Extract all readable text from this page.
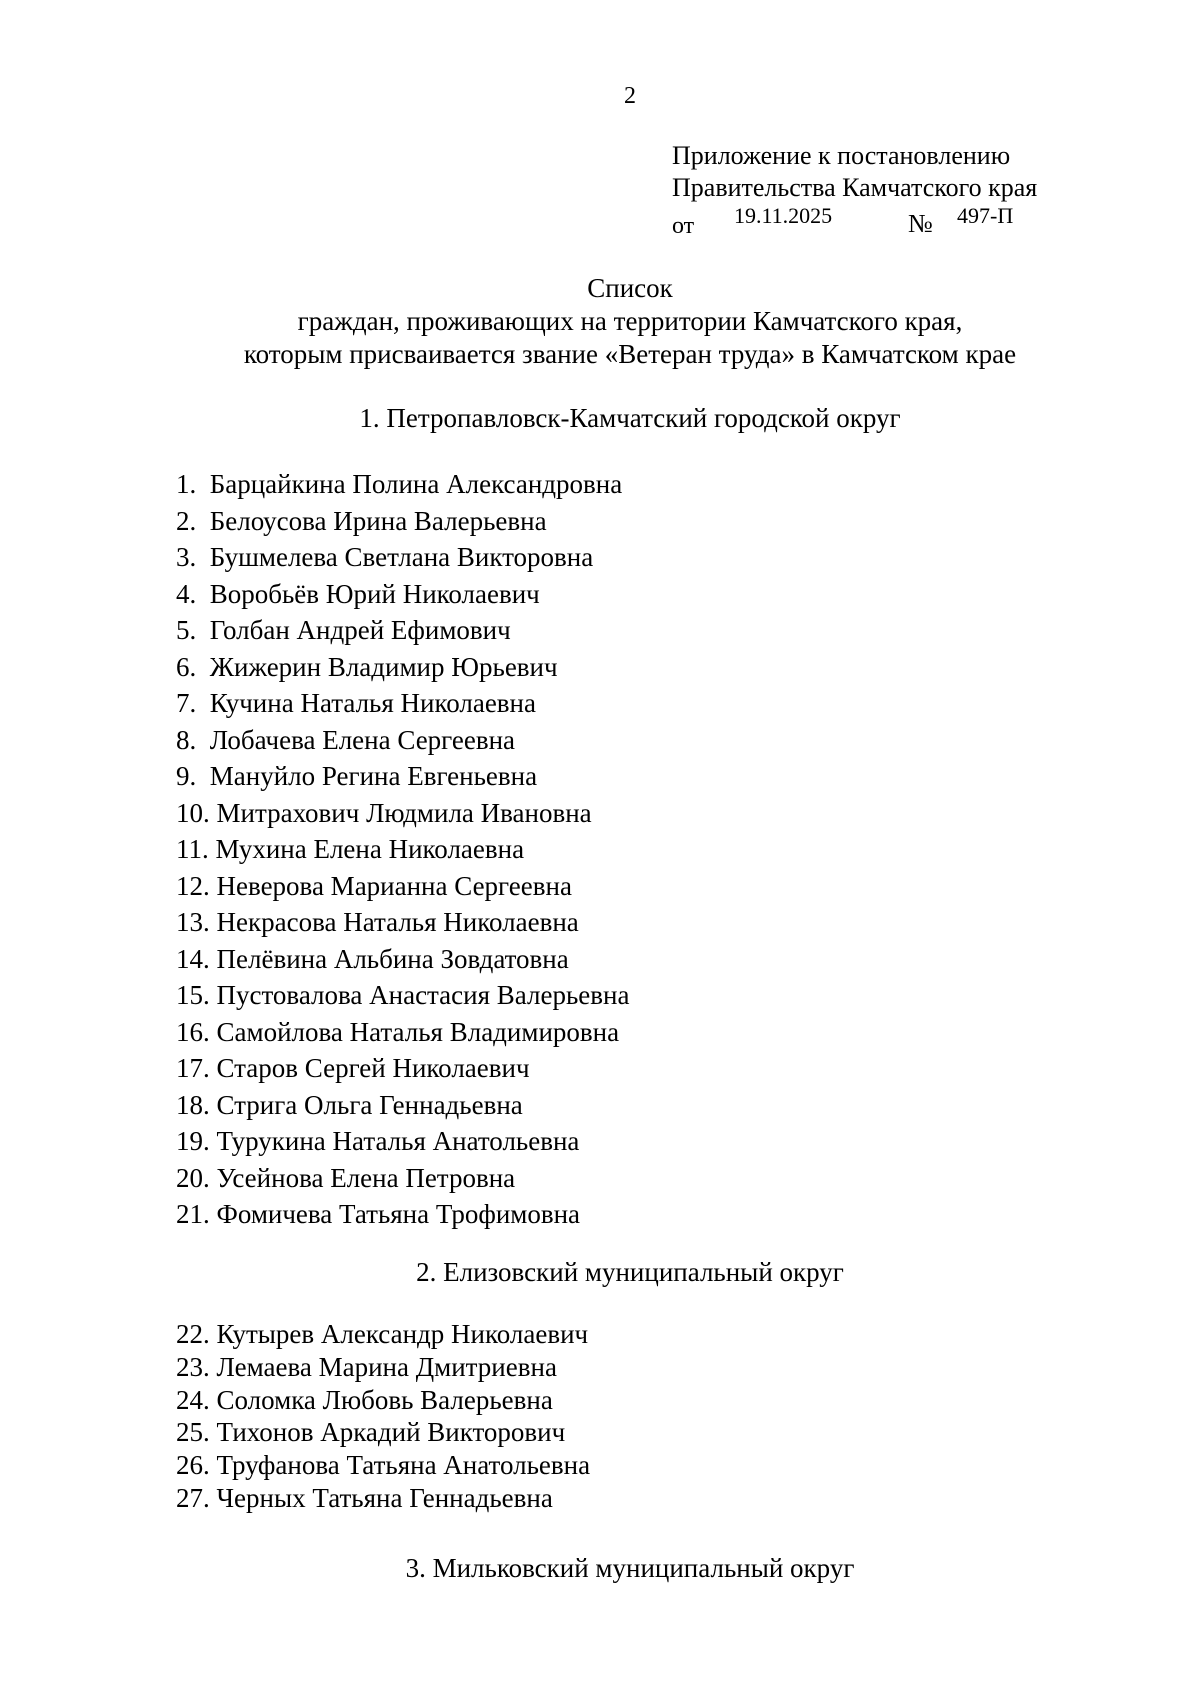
2
Приложение к постановлению
Правительства Камчатского края
от 19.11.2025	№ 497-П
Список
граждан, проживающих на территории Камчатского края,
которым присваивается звание «Ветеран труда» в Камчатском крае
1. Петропавловск-Камчатский городской округ
1. Барцайкина Полина Александровна
2. Белоусова Ирина Валерьевна
3. Бушмелева Светлана Викторовна
4. Воробьёв Юрий Николаевич
5. Голбан Андрей Ефимович
6. Жижерин Владимир Юрьевич
7. Кучина Наталья Николаевна
8. Лобачева Елена Сергеевна
9. Мануйло Регина Евгеньевна
10. Митрахович Людмила Ивановна
11. Мухина Елена Николаевна
12. Неверова Марианна Сергеевна
13. Некрасова Наталья Николаевна
14. Пелёвина Альбина Зовдатовна
15. Пустовалова Анастасия Валерьевна
16. Самойлова Наталья Владимировна
17. Старов Сергей Николаевич
18. Стрига Ольга Геннадьевна
19. Турукина Наталья Анатольевна
20. Усейнова Елена Петровна
21. Фомичева Татьяна Трофимовна
2. Елизовский муниципальный округ
22. Кутырев Александр Николаевич
23. Лемаева Марина Дмитриевна
24. Соломка Любовь Валерьевна
25. Тихонов Аркадий Викторович
26. Труфанова Татьяна Анатольевна
27. Черных Татьяна Геннадьевна
3. Мильковский муниципальный округ
